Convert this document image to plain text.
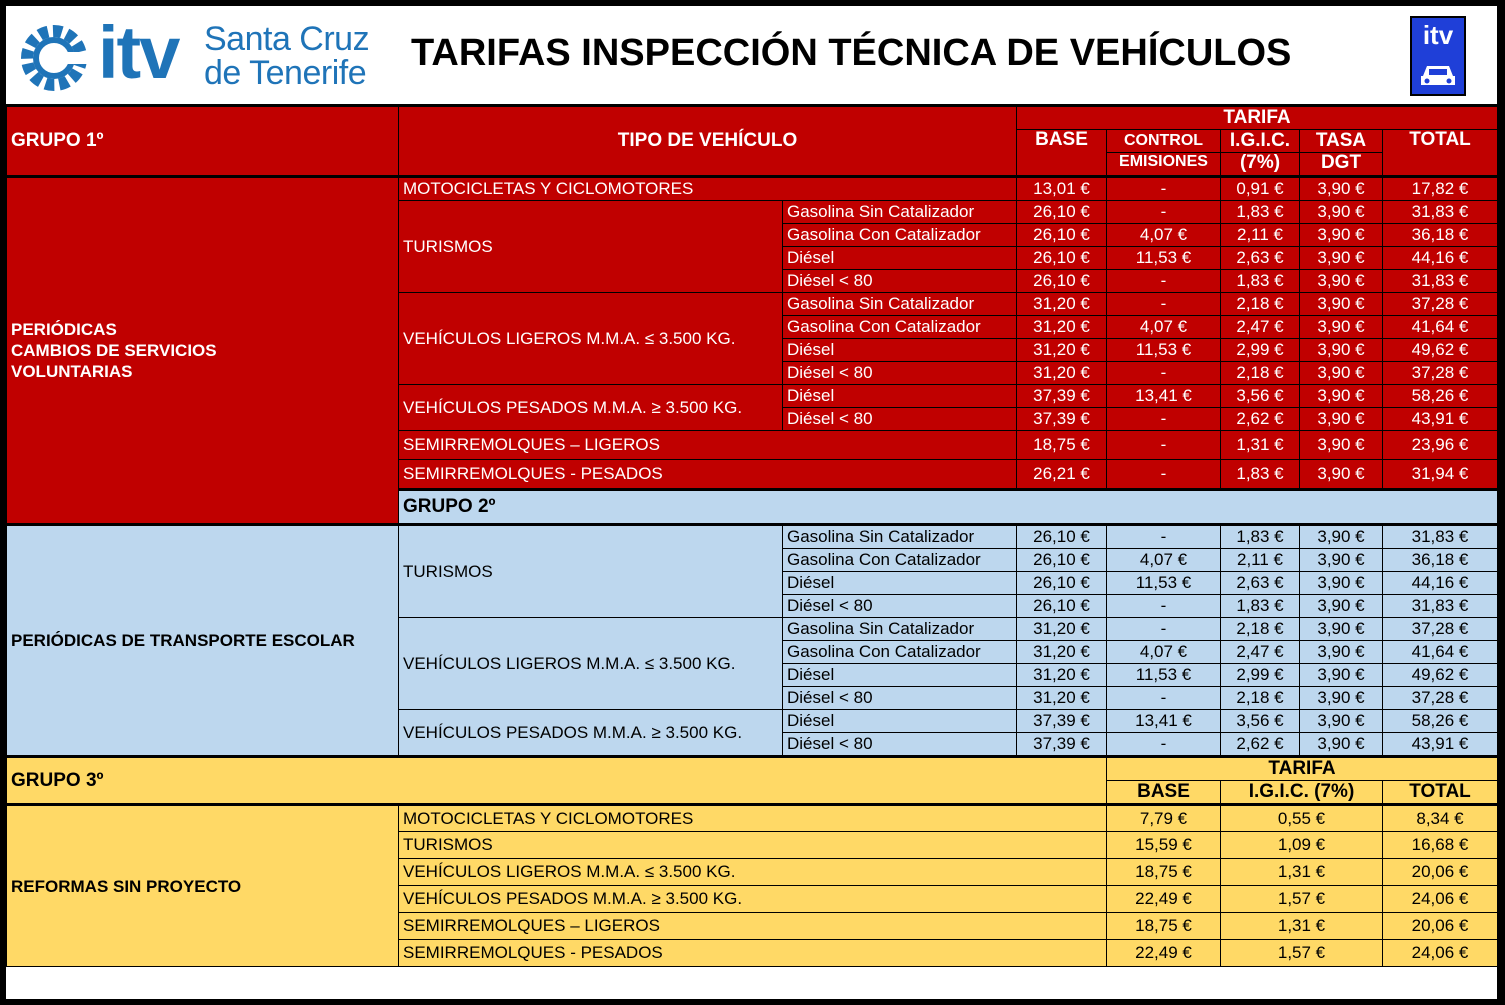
itv Santa Cruz
de Tenerife TARIFAS INSPECCIÓN TÉCNICA DE VEHÍCULOS	itv
GRUPO 1º	TIPO DE VEHÍCULO		TARIFA				
			BASE	CONTROL	I.G.I.C.	TASA	TOTAL
				EMISIONES	(7%)	DGT	

PERIÓDICAS
CAMBIOS DE SERVICIOS
VOLUNTARIAS	MOTOCICLETAS Y CICLOMOTORES		13,01 €	-	0,91 €	3,90 €	17,82 €
	TURISMOS	Gasolina Sin Catalizador	26,10 €	-	1,83 €	3,90 €	31,83 €
		Gasolina Con Catalizador	26,10 €	4,07 €	2,11 €	3,90 €	36,18 €
		Diésel	26,10 €	11,53 €	2,63 €	3,90 €	44,16 €
		Diésel < 80	26,10 €	-	1,83 €	3,90 €	31,83 €
	VEHÍCULOS LIGEROS M.M.A. ≤ 3.500 KG.	Gasolina Sin Catalizador	31,20 €	-	2,18 €	3,90 €	37,28 €
		Gasolina Con Catalizador	31,20 €	4,07 €	2,47 €	3,90 €	41,64 €
		Diésel	31,20 €	11,53 €	2,99 €	3,90 €	49,62 €
		Diésel < 80	31,20 €	-	2,18 €	3,90 €	37,28 €
	VEHÍCULOS PESADOS M.M.A. ≥ 3.500 KG.	Diésel	37,39 €	13,41 €	3,56 €	3,90 €	58,26 €
		Diésel < 80	37,39 €	-	2,62 €	3,90 €	43,91 €
	SEMIRREMOLQUES – LIGEROS		18,75 €	-	1,31 €	3,90 €	23,96 €
	SEMIRREMOLQUES - PESADOS		26,21 €	-	1,83 €	3,90 €	31,94 €
	GRUPO 2º						
PERIÓDICAS DE TRANSPORTE ESCOLAR	TURISMOS	Gasolina Sin Catalizador	26,10 €	-	1,83 €	3,90 €	31,83 €
		Gasolina Con Catalizador	26,10 €	4,07 €	2,11 €	3,90 €	36,18 €
		Diésel	26,10 €	11,53 €	2,63 €	3,90 €	44,16 €
		Diésel < 80	26,10 €	-	1,83 €	3,90 €	31,83 €
	VEHÍCULOS LIGEROS M.M.A. ≤ 3.500 KG.	Gasolina Sin Catalizador	31,20 €	-	2,18 €	3,90 €	37,28 €
		Gasolina Con Catalizador	31,20 €	4,07 €	2,47 €	3,90 €	41,64 €
		Diésel	31,20 €	11,53 €	2,99 €	3,90 €	49,62 €
		Diésel < 80	31,20 €	-	2,18 €	3,90 €	37,28 €
	VEHÍCULOS PESADOS M.M.A. ≥ 3.500 KG.	Diésel	37,39 €	13,41 €	3,56 €	3,90 €	58,26 €
		Diésel < 80	37,39 €	-	2,62 €	3,90 €	43,91 €
GRUPO 3º				TARIFA			
				BASE	I.G.I.C. (7%)		TOTAL
REFORMAS SIN PROYECTO	MOTOCICLETAS Y CICLOMOTORES			7,79 €	0,55 €		8,34 €
	TURISMOS			15,59 €	1,09 €		16,68 €
	VEHÍCULOS LIGEROS M.M.A. ≤ 3.500 KG.			18,75 €	1,31 €		20,06 €
	VEHÍCULOS PESADOS M.M.A. ≥ 3.500 KG.			22,49 €	1,57 €		24,06 €
	SEMIRREMOLQUES – LIGEROS			18,75 €	1,31 €		20,06 €
	SEMIRREMOLQUES - PESADOS			22,49 €	1,57 €		24,06 €
